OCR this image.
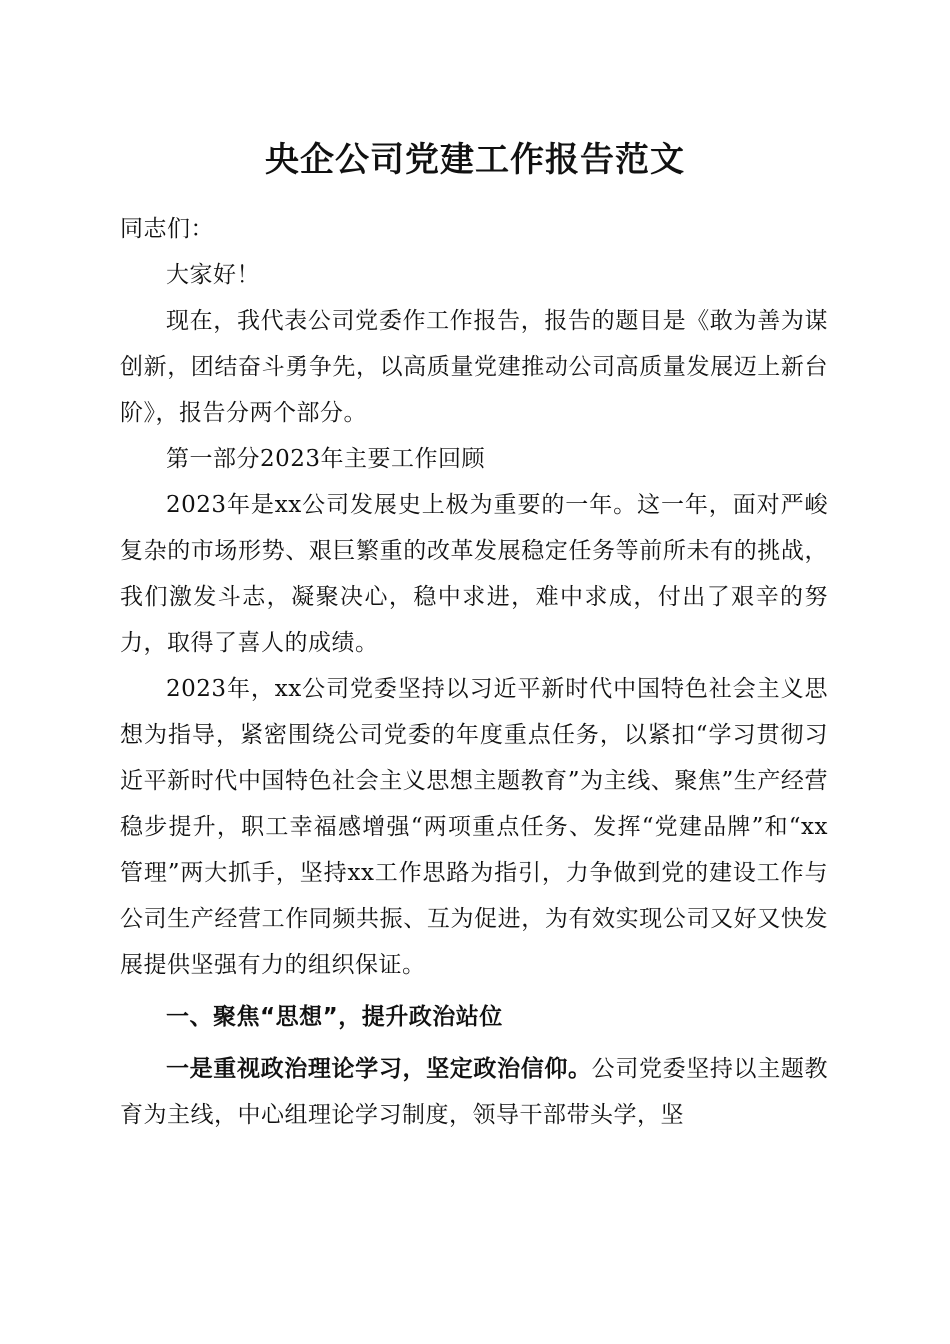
央企公司党建工作报告范文

同志们：

大家好！

现在，我代表公司党委作工作报告，报告的题目是《敢为善为谋创新，团结奋斗勇争先，以高质量党建推动公司高质量发展迈上新台阶》，报告分两个部分。

第一部分2023年主要工作回顾

2023年是xx公司发展史上极为重要的一年。这一年，面对严峻复杂的市场形势、艰巨繁重的改革发展稳定任务等前所未有的挑战，我们激发斗志，凝聚决心，稳中求进，难中求成，付出了艰辛的努力，取得了喜人的成绩。

2023年，xx公司党委坚持以习近平新时代中国特色社会主义思想为指导，紧密围绕公司党委的年度重点任务，以紧扣“学习贯彻习近平新时代中国特色社会主义思想主题教育”为主线、聚焦”生产经营稳步提升，职工幸福感增强“两项重点任务、发挥“党建品牌”和“xx管理”两大抓手，坚持xx工作思路为指引，力争做到党的建设工作与公司生产经营工作同频共振、互为促进，为有效实现公司又好又快发展提供坚强有力的组织保证。

一、聚焦“思想”，提升政治站位

一是重视政治理论学习，坚定政治信仰。公司党委坚持以主题教育为主线，中心组理论学习制度，领导干部带头学，坚
